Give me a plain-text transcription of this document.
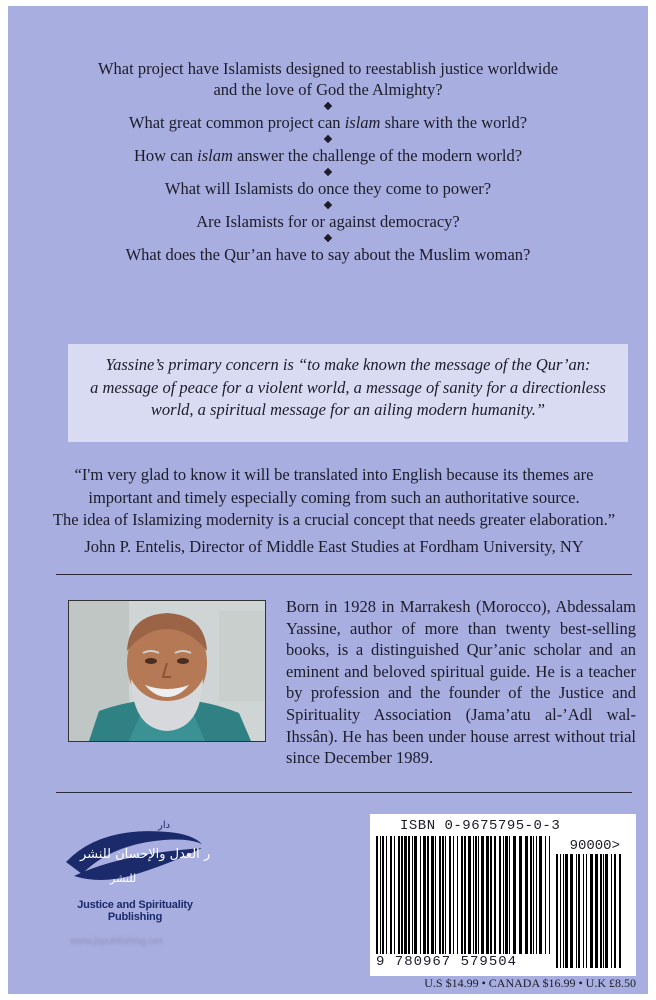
What project have Islamists designed to reestablish justice worldwide
and the love of God the Almighty?

What great common project can islam share with the world?

How can islam answer the challenge of the modern world?

What will Islamists do once they come to power?

Are Islamists for or against democracy?

What does the Qur’an have to say about the Muslim woman?

Yassine’s primary concern is “to make known the message of the Qur’an:
a message of peace for a violent world, a message of sanity for a directionless
world, a spiritual message for an ailing modern humanity.”
“I'm very glad to know it will be translated into English because its themes are
important and timely especially coming from such an authoritative source.
The idea of Islamizing modernity is a crucial concept that needs greater elaboration.”
John P. Entelis, Director of Middle East Studies at Fordham University, NY
Born in 1928 in Marrakesh (Morocco), Abdessalam Yassine, author of more than twenty best-selling books, is a distinguished Qur’anic scholar and an eminent and beloved spiritual guide. He is a teacher by profession and the founder of the Justice and Spirituality Association (Jama’atu al-’Adl wal-Ihssân). He has been under house arrest without trial since December 1989.
دار
دار العدل والإحسان للنشر
للنشر
Justice and Spirituality Publishing
www.jspublishing.net
ISBN 0-9675795-0-3
90000>
9 780967 579504
U.S $14.99 • CANADA $16.99 • U.K £8.50
